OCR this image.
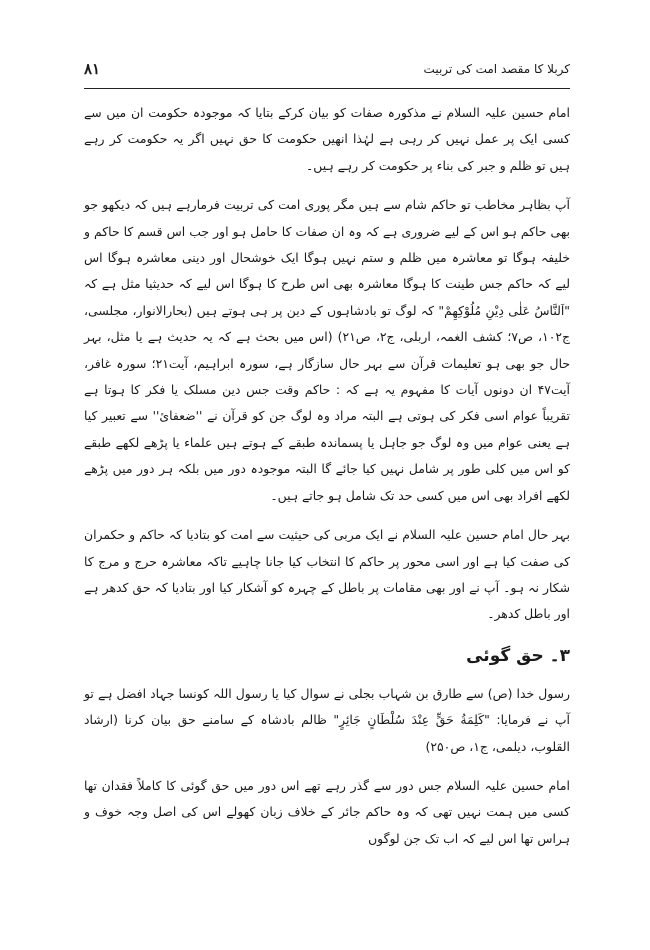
۸۱	کربلا کا مقصد امت کی تربیت

امام حسین علیہ السلام نے مذکورہ صفات کو بیان کرکے بتایا کہ موجودہ حکومت ان میں سے کسی ایک پر عمل نہیں کر رہی ہے لہٰذا انھیں حکومت کا حق نہیں اگر یہ حکومت کر رہے ہیں تو ظلم و جبر کی بناء پر حکومت کر رہے ہیں۔

آپ بظاہر مخاطب تو حاکم شام سے ہیں مگر پوری امت کی تربیت فرمارہے ہیں کہ دیکھو جو بھی حاکم ہو اس کے لیے ضروری ہے کہ وہ ان صفات کا حامل ہو اور جب اس قسم کا حاکم و خلیفہ ہوگا تو معاشرہ میں ظلم و ستم نہیں ہوگا ایک خوشحال اور دینی معاشرہ ہوگا اس لیے کہ حاکم جس طینت کا ہوگا معاشرہ بھی اس طرح کا ہوگا اس لیے کہ حدیثیا مثل ہے کہ "اَلنَّاسُ عَلٰی دِیْنِ مُلُوْکِهِمْ" کہ لوگ تو بادشاہوں کے دین پر ہی ہوتے ہیں (بحارالانوار، مجلسی، ج۱۰۲، ص۷؛ کشف الغمہ، اربلی، ج۲، ص۲۱) (اس میں بحث ہے کہ یہ حدیث ہے یا مثل، بہر حال جو بھی ہو تعلیمات قرآن سے بہر حال سازگار ہے، سورہ ابراہیم، آیت۲۱؛ سورہ غافر، آیت۴۷ ان دونوں آیات کا مفہوم یہ ہے کہ : حاکم وقت جس دین مسلک یا فکر کا ہوتا ہے تقریباً عوام اسی فکر کی ہوتی ہے البتہ مراد وہ لوگ جن کو قرآن نے ''ضعفائ'' سے تعبیر کیا ہے یعنی عوام میں وہ لوگ جو جاہل یا پسماندہ طبقے کے ہوتے ہیں علماء یا پڑھے لکھے طبقے کو اس میں کلی طور پر شامل نہیں کیا جائے گا البتہ موجودہ دور میں بلکہ ہر دور میں پڑھے لکھے افراد بھی اس میں کسی حد تک شامل ہو جاتے ہیں۔

بہر حال امام حسین علیہ السلام نے ایک مربی کی حیثیت سے امت کو بتادیا کہ حاکم و حکمران کی صفت کیا ہے اور اسی محور پر حاکم کا انتخاب کیا جانا چاہیے تاکہ معاشرہ حرج و مرج کا شکار نہ ہو۔ آپ نے اور بھی مقامات پر باطل کے چہرہ کو آشکار کیا اور بتادیا کہ حق کدھر ہے اور باطل کدھر۔

۳۔ حق گوئی

رسول خدا (ص) سے طارق بن شہاب بجلی نے سوال کیا یا رسول اللہ کونسا جہاد افضل ہے تو آپ نے فرمایا: "کَلِمَةُ حَقٍّ عِنْدَ سُلْطَانٍ جَائِرٍ" ظالم بادشاہ کے سامنے حق بیان کرنا (ارشاد القلوب، دیلمی، ج۱، ص۲۵۰)

امام حسین علیہ السلام جس دور سے گذر رہے تھے اس دور میں حق گوئی کا کاملاً فقدان تھا کسی میں ہمت نہیں تھی کہ وہ حاکم جائر کے خلاف زبان کھولے اس کی اصل وجہ خوف و ہراس تھا اس لیے کہ اب تک جن لوگوں
